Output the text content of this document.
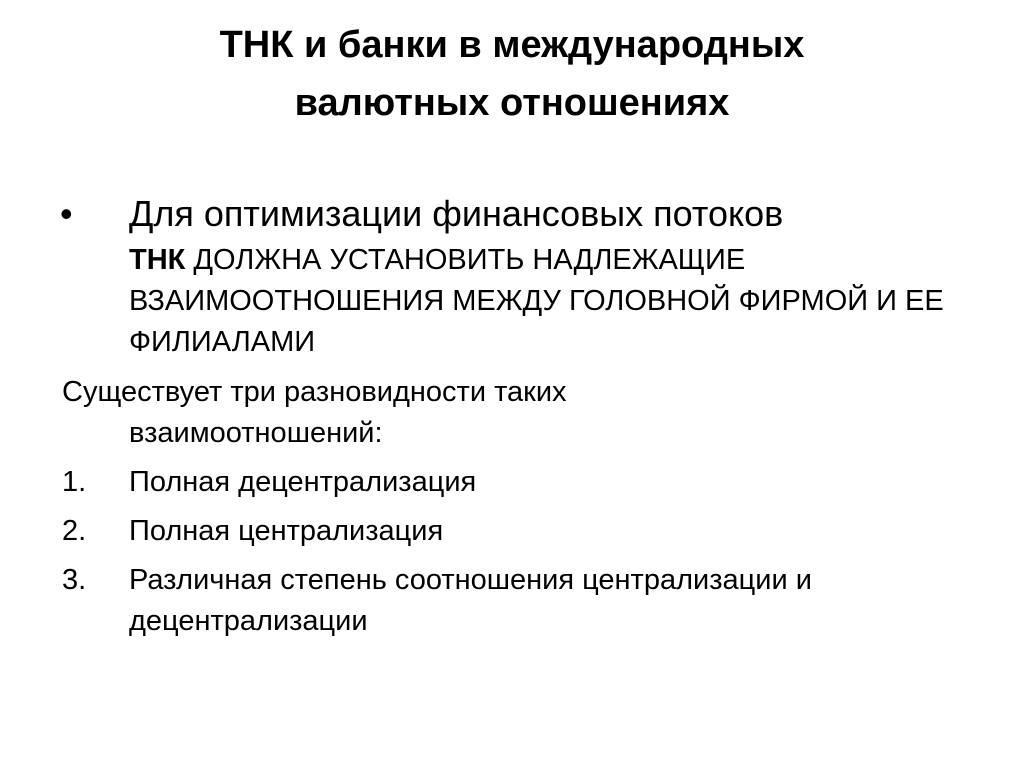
ТНК и банки в международных
валютных отношениях
• Для оптимизации финансовых потоков
ТНК ДОЛЖНА УСТАНОВИТЬ НАДЛЕЖАЩИЕ ВЗАИМООТНОШЕНИЯ МЕЖДУ ГОЛОВНОЙ ФИРМОЙ И ЕЕ ФИЛИАЛАМИ
Существует три разновидности таких
взаимоотношений:
1. Полная децентрализация
2. Полная централизация
3. Различная степень соотношения централизации и децентрализации
